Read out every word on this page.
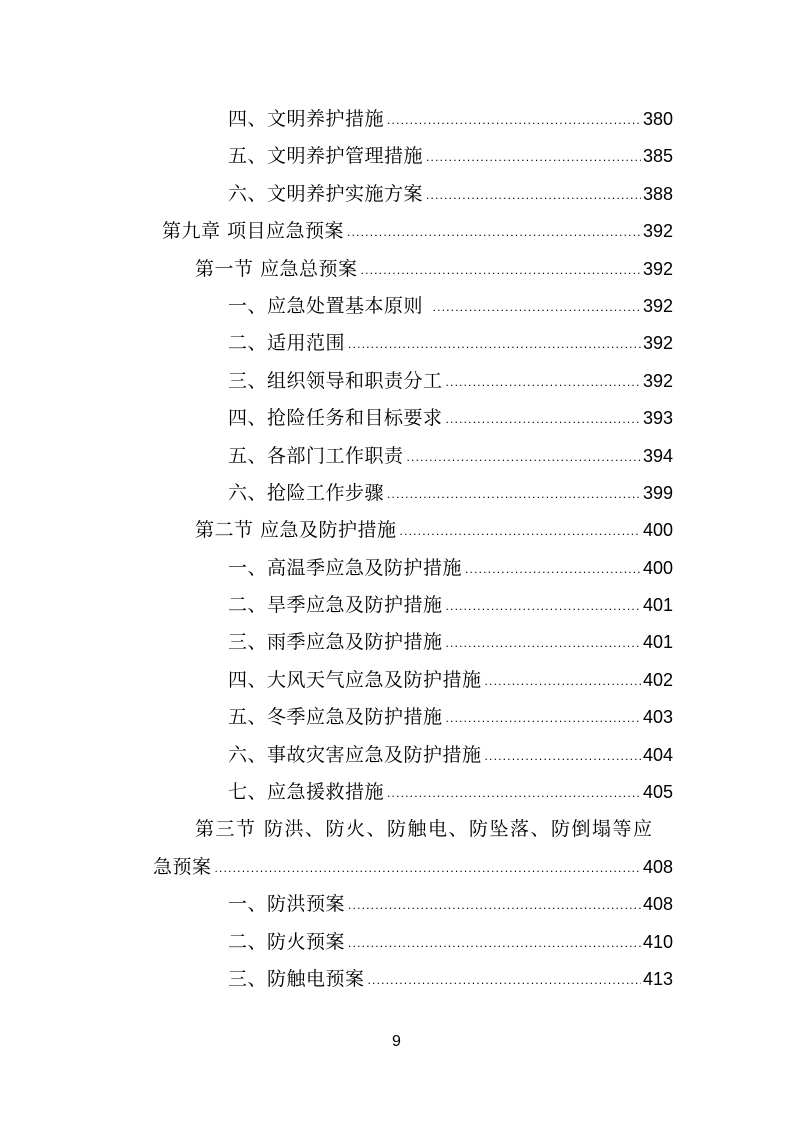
四、文明养护措施 .....	380
五、文明养护管理措施 .....	385
六、文明养护实施方案 .....	388
第九章 项目应急预案 .....	392
第一节 应急总预案 .....	392
一、应急处置基本原则 .....	392
二、适用范围 .....	392
三、组织领导和职责分工 .....	392
四、抢险任务和目标要求 .....	393
五、各部门工作职责 .....	394
六、抢险工作步骤 .....	399
第二节 应急及防护措施 .....	400
一、高温季应急及防护措施 .....	400
二、旱季应急及防护措施 .....	401
三、雨季应急及防护措施 .....	401
四、大风天气应急及防护措施 .....	402
五、冬季应急及防护措施 .....	403
六、事故灾害应急及防护措施 .....	404
七、应急援救措施 .....	405
第三节 防洪、防火、防触电、防坠落、防倒塌等应
急预案 .....	408
一、防洪预案 .....	408
二、防火预案 .....	410
三、防触电预案 .....	413
9
